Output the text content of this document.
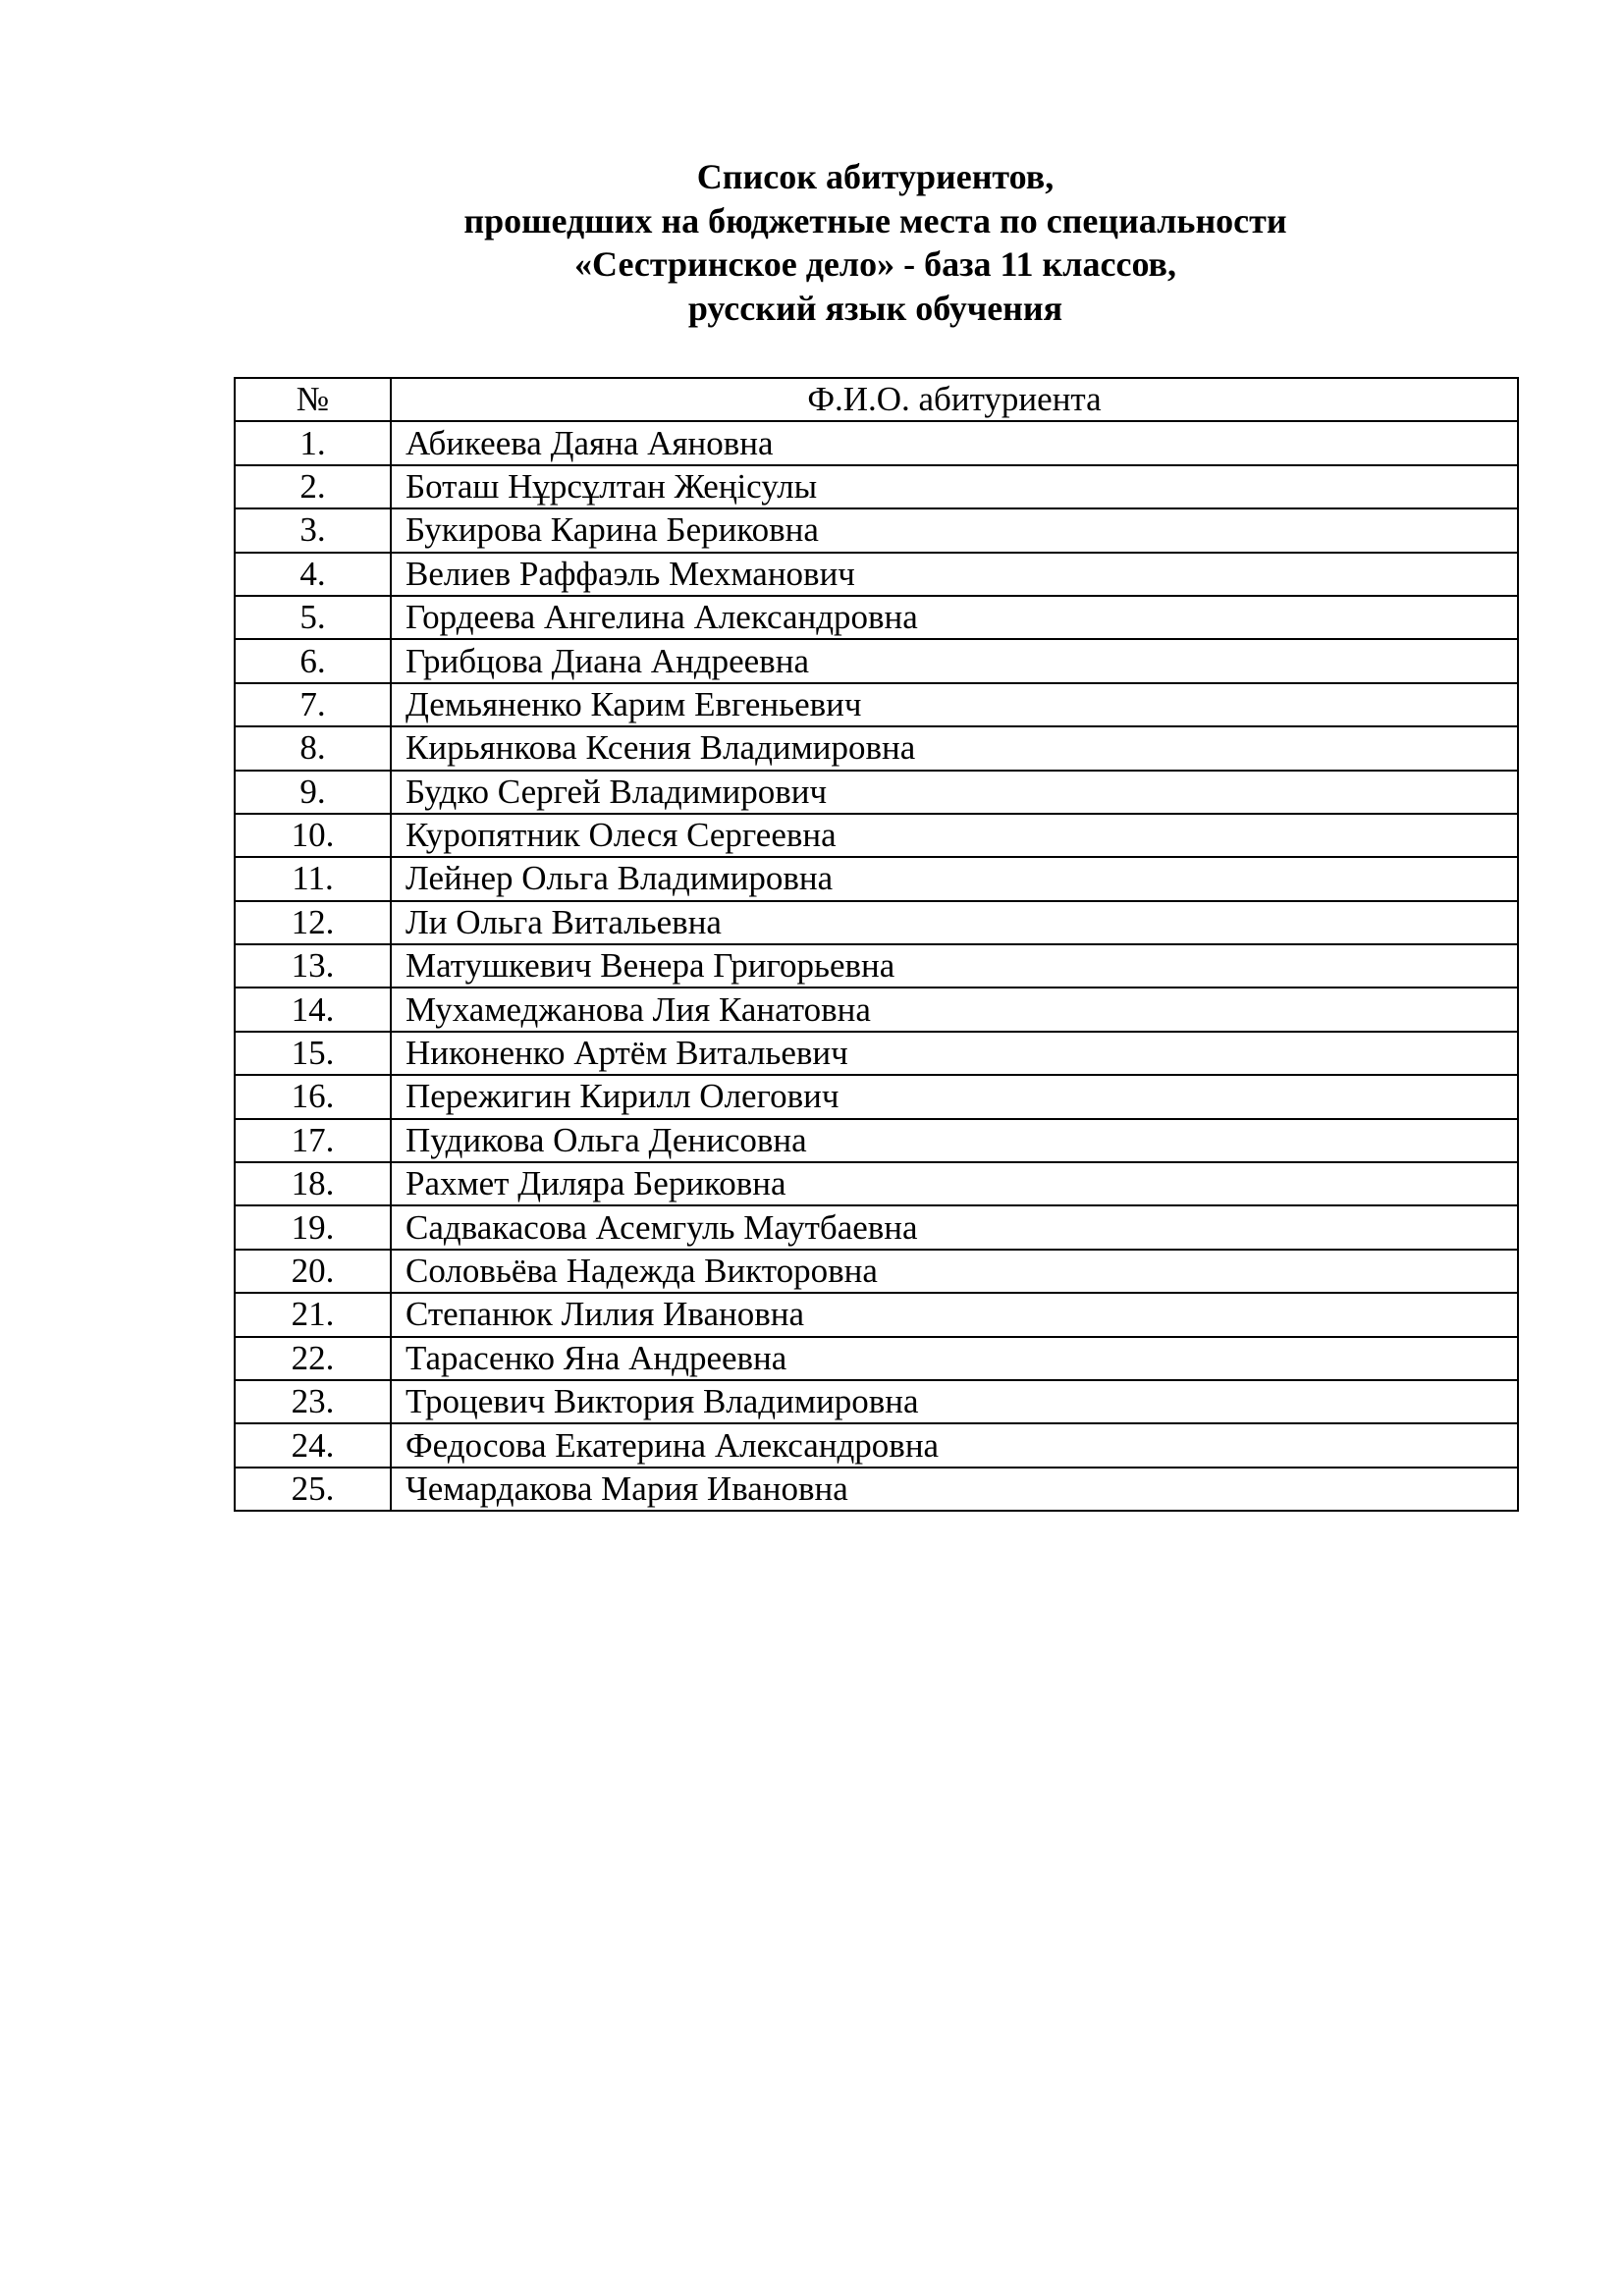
Список абитуриентов,
прошедших на бюджетные места по специальности
«Сестринское дело» - база 11 классов,
русский язык обучения
№	Ф.И.О. абитуриента
1.	Абикеева Даяна Аяновна
2.	Боташ Нұрсұлтан Жеңісулы
3.	Букирова Карина Бериковна
4.	Велиев Раффаэль Мехманович
5.	Гордеева Ангелина Александровна
6.	Грибцова Диана Андреевна
7.	Демьяненко Карим Евгеньевич
8.	Кирьянкова Ксения Владимировна
9.	Будко Сергей Владимирович
10.	Куропятник Олеся Сергеевна
11.	Лейнер Ольга Владимировна
12.	Ли Ольга Витальевна
13.	Матушкевич Венера Григорьевна
14.	Мухамеджанова Лия Канатовна
15.	Никоненко Артём Витальевич
16.	Пережигин Кирилл Олегович
17.	Пудикова Ольга Денисовна
18.	Рахмет Диляра Бериковна
19.	Садвакасова Асемгуль Маутбаевна
20.	Соловьёва Надежда Викторовна
21.	Степанюк Лилия Ивановна
22.	Тарасенко Яна Андреевна
23.	Троцевич Виктория Владимировна
24.	Федосова Екатерина Александровна
25.	Чемардакова Мария Ивановна
